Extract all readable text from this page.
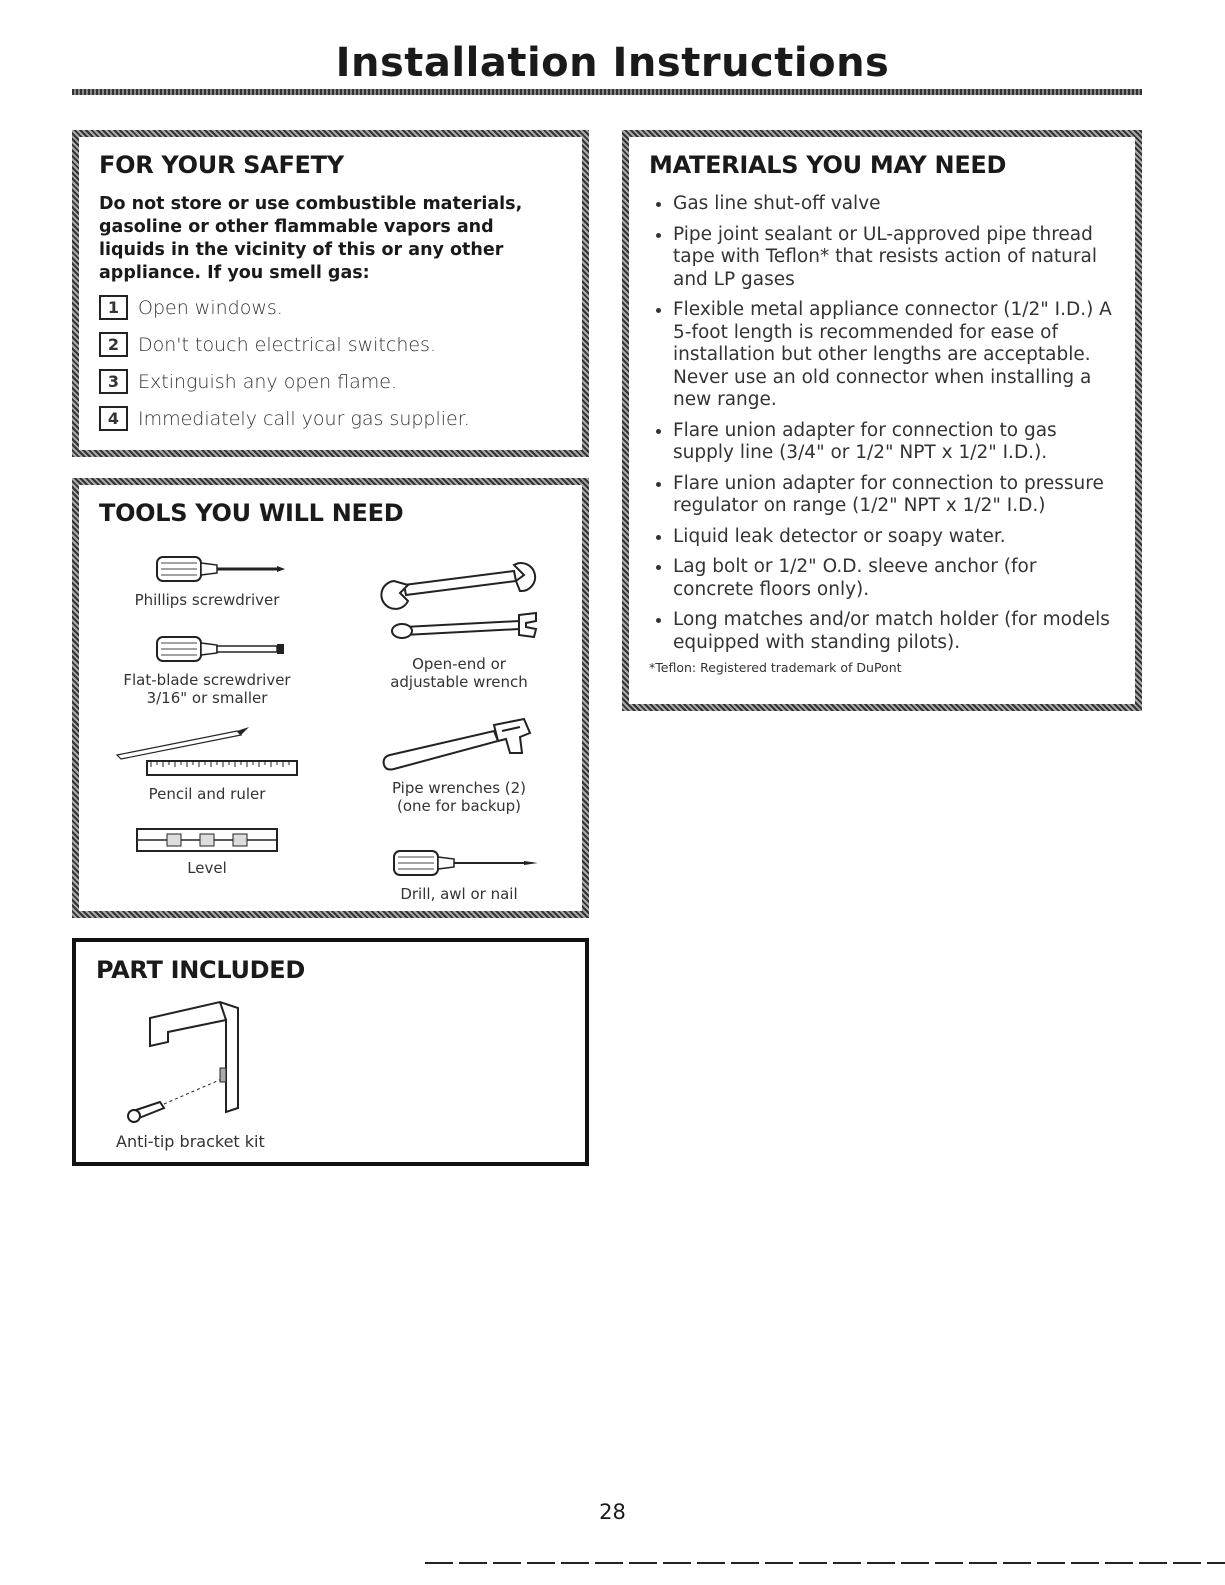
Installation Instructions
FOR YOUR SAFETY
Do not store or use combustible materials, gasoline or other flammable vapors and liquids in the vicinity of this or any other appliance. If you smell gas:
1 Open windows.
2 Don't touch electrical switches.
3 Extinguish any open flame.
4 Immediately call your gas supplier.
TOOLS YOU WILL NEED
Phillips screwdriver
Flat-blade screwdriver
3/16" or smaller
Pencil and ruler
Level
Open-end or
adjustable wrench
Pipe wrenches (2)
(one for backup)
Drill, awl or nail
MATERIALS YOU MAY NEED
• Gas line shut-off valve
• Pipe joint sealant or UL-approved pipe thread tape with Teflon* that resists action of natural and LP gases
• Flexible metal appliance connector (1/2" I.D.) A 5-foot length is recommended for ease of installation but other lengths are acceptable. Never use an old connector when installing a new range.
• Flare union adapter for connection to gas supply line (3/4" or 1/2" NPT x 1/2" I.D.).
• Flare union adapter for connection to pressure regulator on range (1/2" NPT x 1/2" I.D.)
• Liquid leak detector or soapy water.
• Lag bolt or 1/2" O.D. sleeve anchor (for concrete floors only).
• Long matches and/or match holder (for models equipped with standing pilots).
*Teflon: Registered trademark of DuPont
PART INCLUDED
Anti-tip bracket kit
28
